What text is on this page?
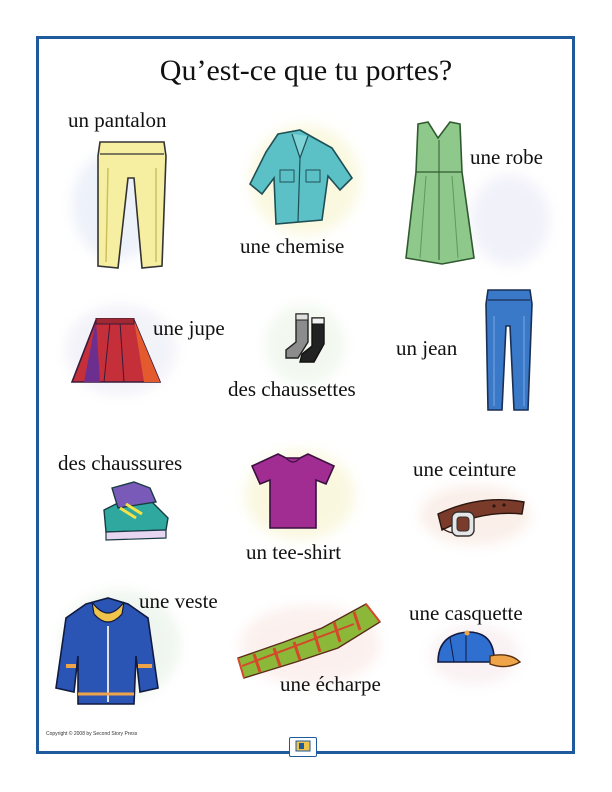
Qu’est-ce que tu portes?
un pantalon
une chemise
une robe
une jupe
des chaussettes
un jean
des chaussures
un tee-shirt
une ceinture
une veste
une écharpe
une casquette
Copyright © 2008 by Second Story Press
